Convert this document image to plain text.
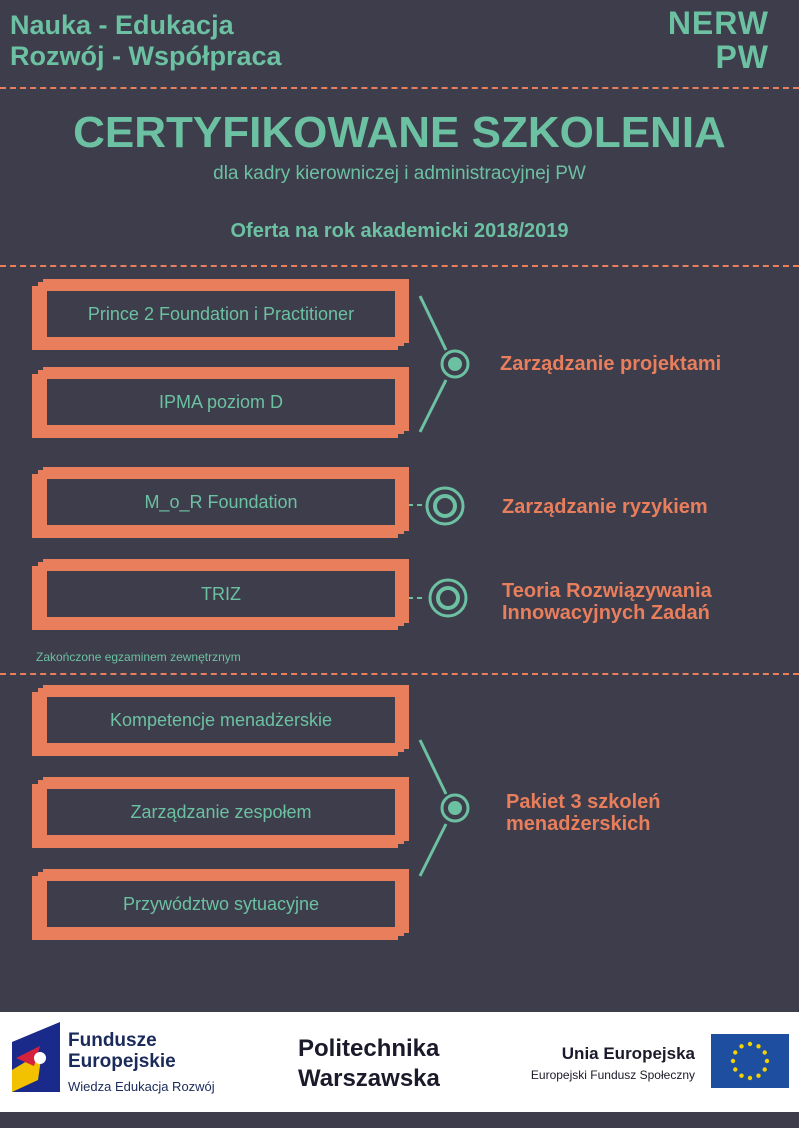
Nauka - Edukacja
Rozwój - Współpraca
NERW
PW
CERTYFIKOWANE SZKOLENIA
dla kadry kierowniczej i administracyjnej PW
Oferta na rok akademicki 2018/2019
Prince 2 Foundation i Practitioner
IPMA poziom D
M_o_R Foundation
TRIZ
Kompetencje menadżerskie
Zarządzanie zespołem
Przywództwo sytuacyjne
Zarządzanie projektami
Zarządzanie ryzykiem
Teoria Rozwiązywania
Innowacyjnych Zadań
Pakiet 3 szkoleń
menadżerskich
Zakończone egzaminem zewnętrznym
Fundusze
Europejskie
Wiedza Edukacja Rozwój
Politechnika
Warszawska
Unia Europejska
Europejski Fundusz Społeczny
